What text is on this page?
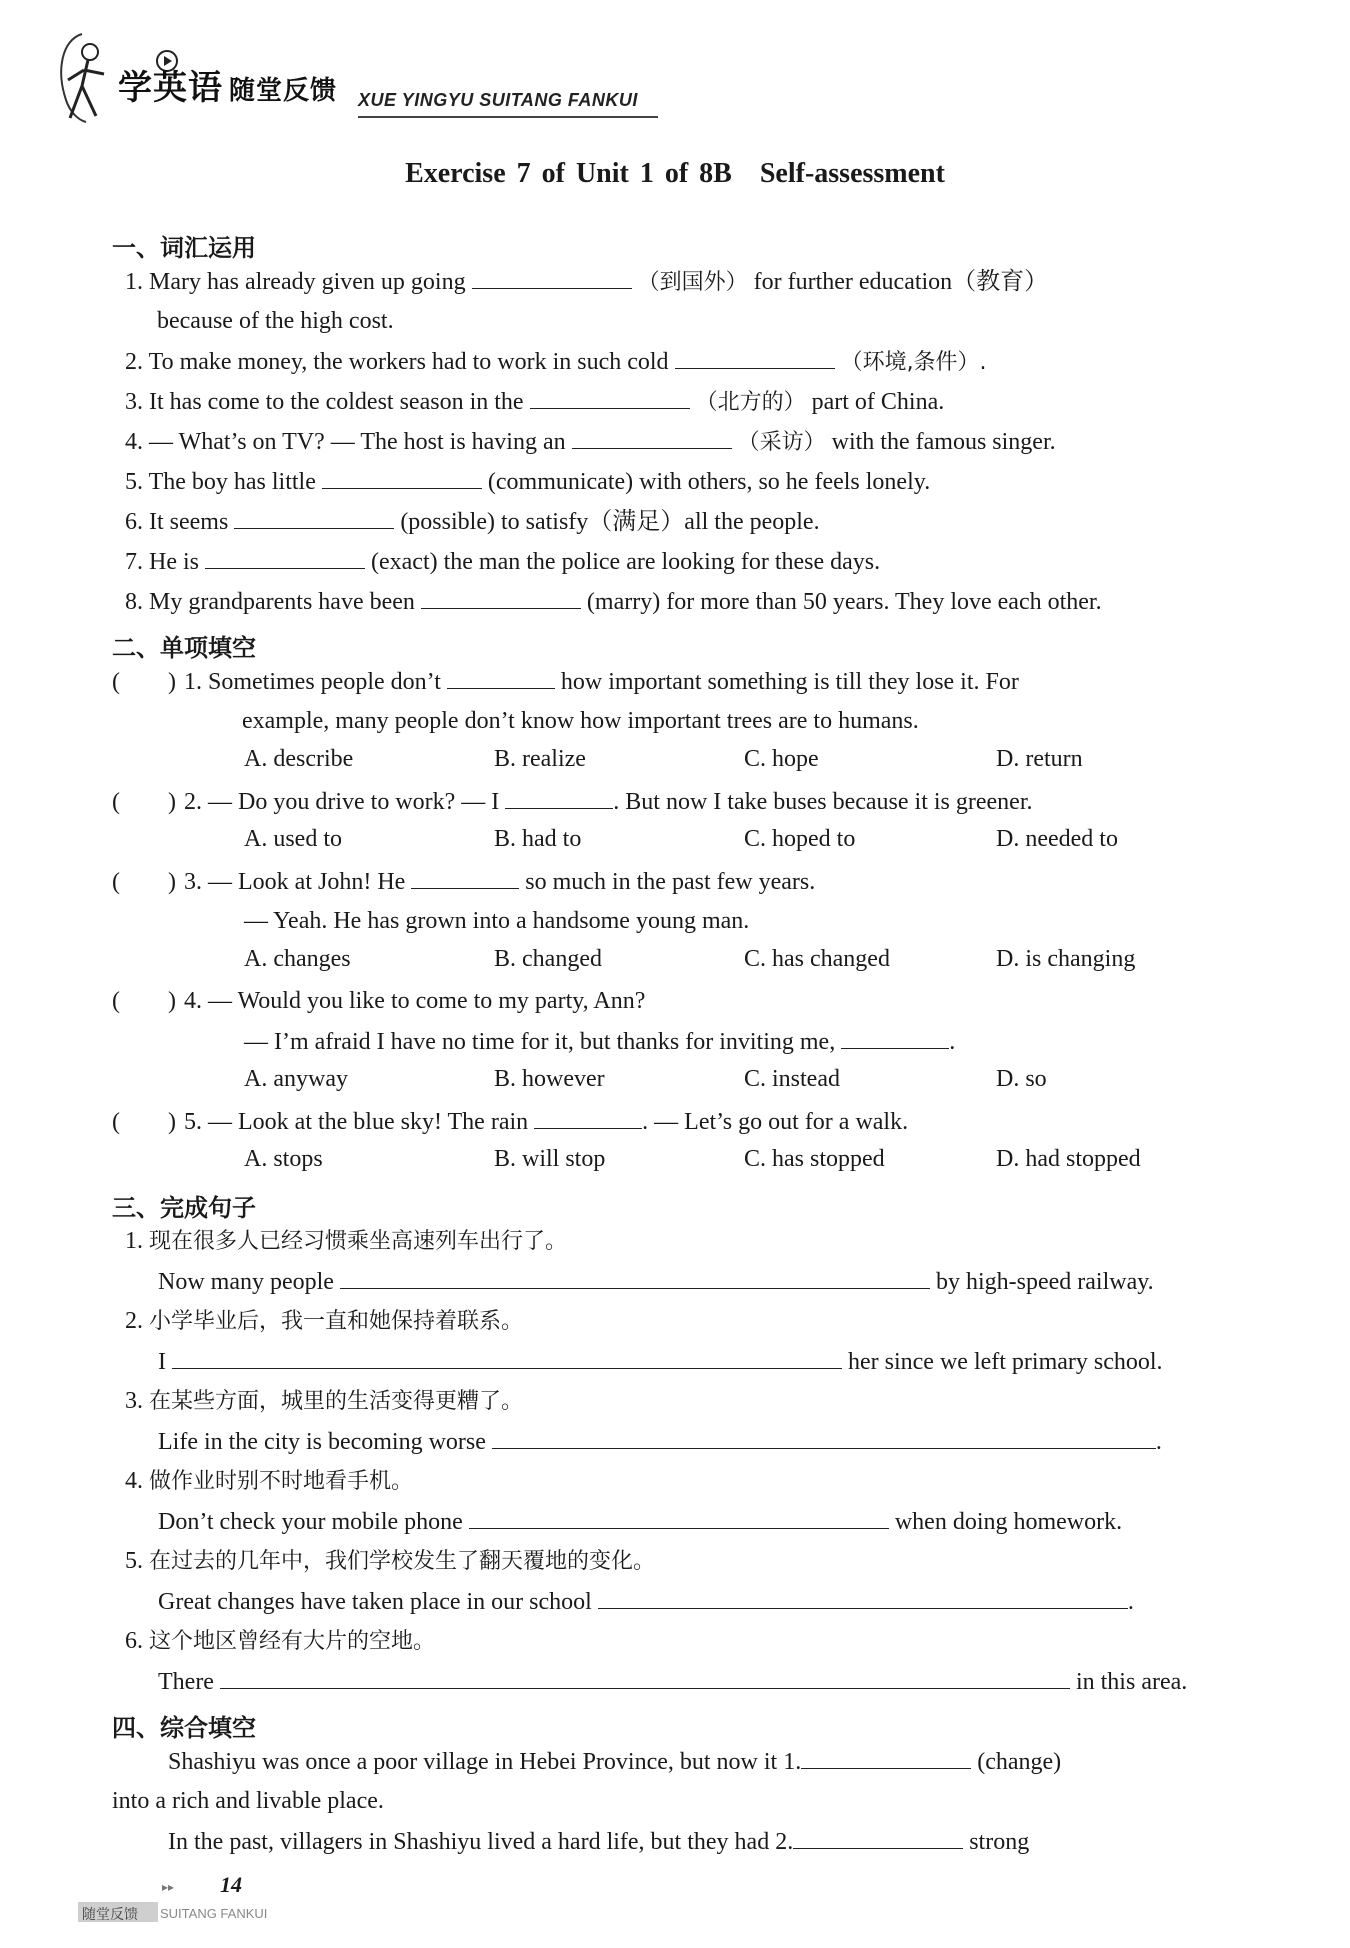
学英语 随堂反馈 XUE YINGYU SUITANG FANKUI
Exercise 7 of Unit 1 of 8B Self-assessment
一、词汇运用
1. Mary has already given up going	（到国外） for further education（教育）
because of the high cost.
2. To make money, the workers had to work in such cold	（环境,条件）.
3. It has come to the coldest season in the	（北方的） part of China.
4. — What’s on TV? — The host is having an	（采访） with the famous singer.
5. The boy has little	(communicate) with others, so he feels lonely.
6. It seems	(possible) to satisfy（满足）all the people.
7. He is	(exact) the man the police are looking for these days.
8. My grandparents have been	(marry) for more than 50 years. They love each other.
二、单项填空
(　　) 1. Sometimes people don’t	how important something is till they lose it. For
example, many people don’t know how important trees are to humans.
A. describe	B. realize	C. hope	D. return
(　　) 2. — Do you drive to work? — I	. But now I take buses because it is greener.
A. used to	B. had to	C. hoped to	D. needed to
(　　) 3. — Look at John! He	so much in the past few years.
— Yeah. He has grown into a handsome young man.
A. changes	B. changed	C. has changed	D. is changing
(　　) 4. — Would you like to come to my party, Ann?
— I’m afraid I have no time for it, but thanks for inviting me,	.
A. anyway	B. however	C. instead	D. so
(　　) 5. — Look at the blue sky! The rain	. — Let’s go out for a walk.
A. stops	B. will stop	C. has stopped	D. had stopped
三、完成句子
1. 现在很多人已经习惯乘坐高速列车出行了。
Now many people	by high-speed railway.
2. 小学毕业后，我一直和她保持着联系。
I	her since we left primary school.
3. 在某些方面，城里的生活变得更糟了。
Life in the city is becoming worse	.
4. 做作业时别不时地看手机。
Don’t check your mobile phone	when doing homework.
5. 在过去的几年中，我们学校发生了翻天覆地的变化。
Great changes have taken place in our school	.
6. 这个地区曾经有大片的空地。
There	in this area.
四、综合填空
Shashiyu was once a poor village in Hebei Province, but now it 1.	(change)
into a rich and livable place.
In the past, villagers in Shashiyu lived a hard life, but they had 2.	strong
▸▸ 14
随堂反馈 SUITANG FANKUI
